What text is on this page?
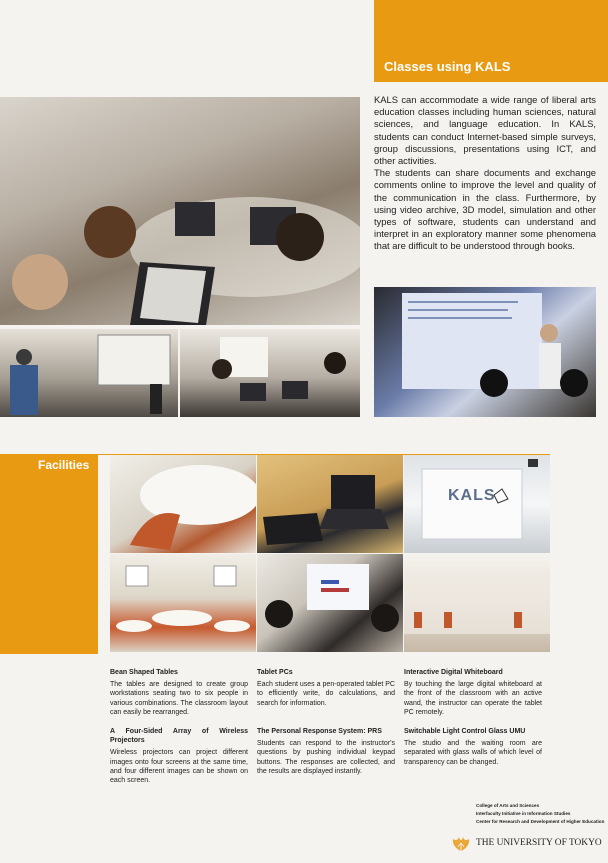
Classes using KALS

KALS can accommodate a wide range of liberal arts education classes including human sciences, natural sciences, and language education. In KALS, students can conduct Internet-based simple surveys, group discussions, presentations using ICT, and other activities.

The students can share documents and exchange comments online to improve the level and quality of the communication in the class. Furthermore, by using video archive, 3D model, simulation and other types of software, students can understand and interpret in an exploratory manner some phenomena that are difficult to be understood through books.

Facilities
KALS
Bean Shaped Tables

The tables are designed to create group workstations seating two to six people in various combinations. The classroom layout can easily be rearranged.

Tablet PCs

Each student uses a pen-operated tablet PC to efficiently write, do calculations, and search for information.

Interactive Digital Whiteboard

By touching the large digital whiteboard at the front of the classroom with an active wand, the instructor can operate the tablet PC remotely.

A Four-Sided Array of Wireless Projectors

Wireless projectors can project different images onto four screens at the same time, and four different images can be shown on each screen.

The Personal Response System: PRS

Students can respond to the instructor's questions by pushing individual keypad buttons. The responses are collected, and the results are displayed instantly.

Switchable Light Control Glass UMU

The studio and the waiting room are separated with glass walls of which level of transparency can be changed.

College of Arts and Sciences
Interfaculty Initiative in Information Studies
Center for Research and Development of Higher Education
THE UNIVERSITY OF TOKYO
